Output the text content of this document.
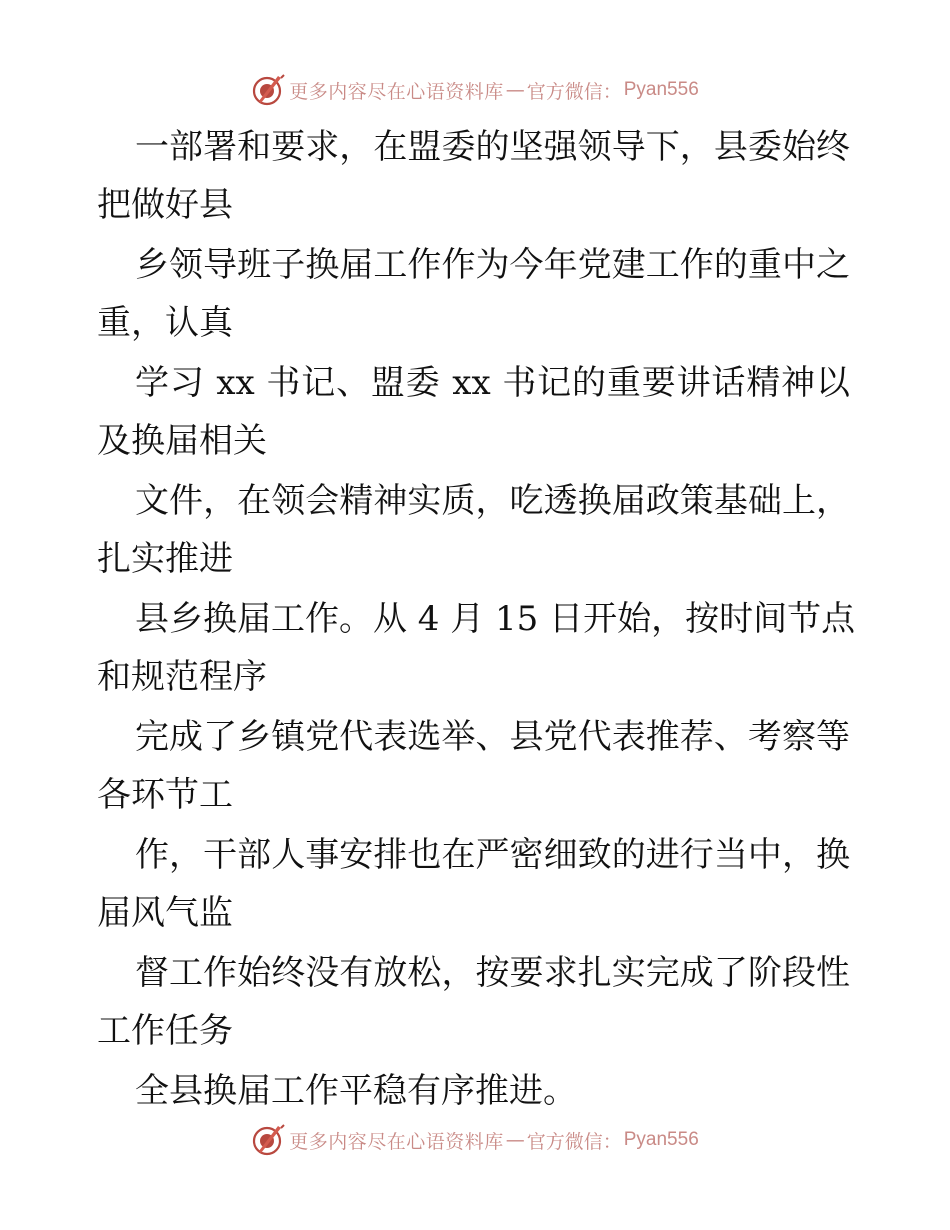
更多内容尽在心语资料库 — 官方微信： Pyan556
一部署和要求，在盟委的坚强领导下，县委始终
把做好县
乡领导班子换届工作作为今年党建工作的重中之
重，认真
学习 xx 书记、盟委 xx 书记的重要讲话精神以
及换届相关
文件，在领会精神实质，吃透换届政策基础上，
扎实推进
县乡换届工作。从 4 月 15 日开始，按时间节点
和规范程序
完成了乡镇党代表选举、县党代表推荐、考察等
各环节工
作，干部人事安排也在严密细致的进行当中，换
届风气监
督工作始终没有放松，按要求扎实完成了阶段性
工作任务
全县换届工作平稳有序推进。
更多内容尽在心语资料库 — 官方微信： Pyan556
